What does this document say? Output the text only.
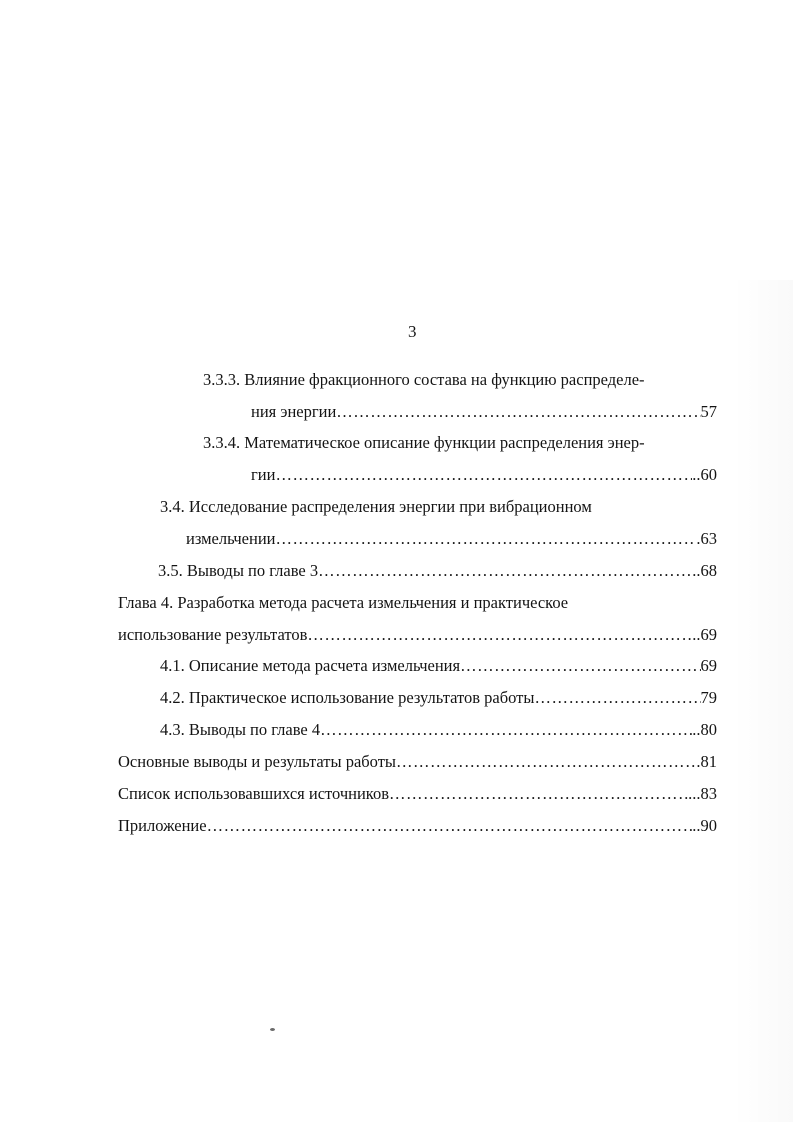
3
3.3.3. Влияние фракционного состава на функцию распределе-
ния энергии ………………………………………………………………………………………………………………………………………………………………………………	57
3.3.4. Математическое описание функции распределения энер-
гии ………………………………………………………………………………………………………………………………………………………………………………	..60
3.4. Исследование распределения энергии при вибрационном
измельчении ………………………………………………………………………………………………………………………………………………………………………………	.63
3.5. Выводы по главе 3 ………………………………………………………………………………………………………………………………………………………………………………	..68
Глава 4. Разработка метода расчета измельчения и практическое
использование результатов ………………………………………………………………………………………………………………………………………………………………………………	..69
4.1. Описание метода расчета измельчения ………………………………………………………………………………………………………………………………………………………………………………	69
4.2. Практическое использование результатов работы ………………………………………………………………………………………………………………………………………………………………………………	79
4.3. Выводы по главе 4 ………………………………………………………………………………………………………………………………………………………………………………	..80
Основные выводы и результаты работы ………………………………………………………………………………………………………………………………………………………………………………	.81
Список использовавшихся источников ………………………………………………………………………………………………………………………………………………………………………………	...83
Приложение ………………………………………………………………………………………………………………………………………………………………………………	..90
